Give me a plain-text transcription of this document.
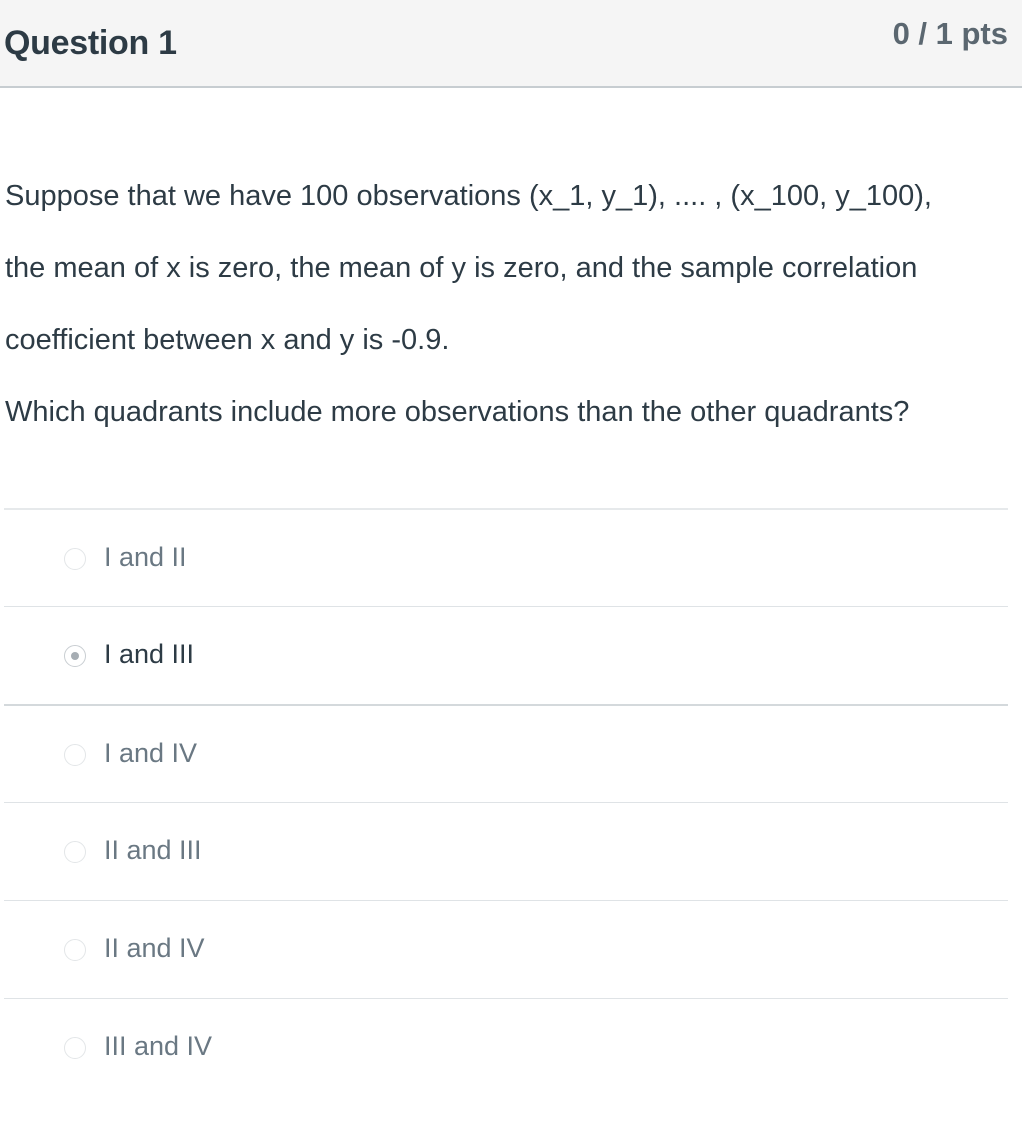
Question 1	0 / 1 pts

Suppose that we have 100 observations (x_1, y_1), .... , (x_100, y_100),

the mean of x is zero, the mean of y is zero, and the sample correlation

coefficient between x and y is -0.9.

Which quadrants include more observations than the other quadrants?

I and II
I and III
I and IV
II and III
II and IV
III and IV
